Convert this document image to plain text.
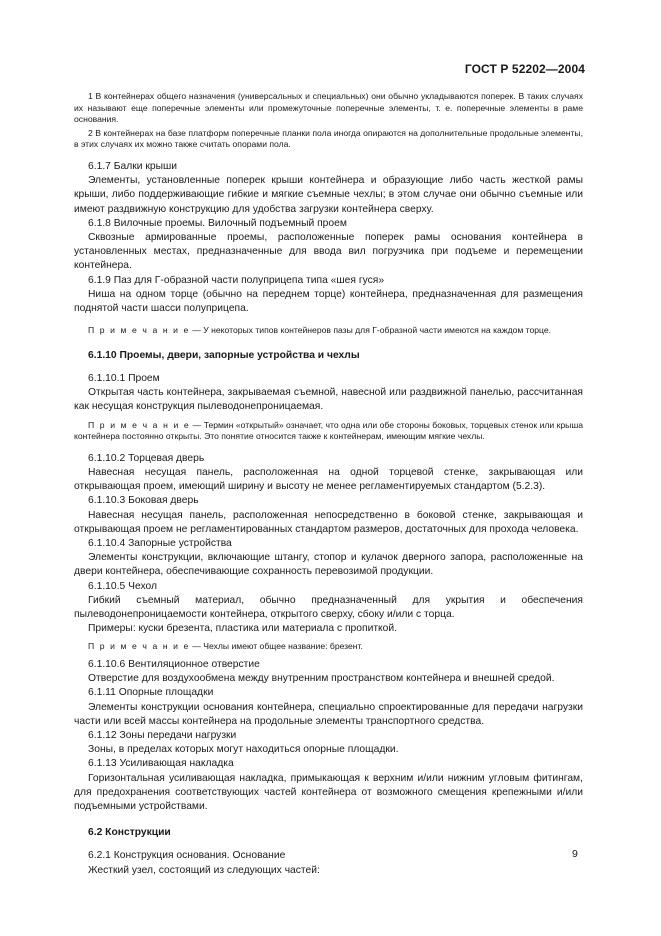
ГОСТ Р 52202—2004

1 В контейнерах общего назначения (универсальных и специальных) они обычно укладываются поперек. В таких случаях их называют еще поперечные элементы или промежуточные поперечные элементы, т. е. поперечные элементы в раме основания.

2 В контейнерах на базе платформ поперечные планки пола иногда опираются на дополнительные продольные элементы, в этих случаях их можно также считать опорами пола.

6.1.7 Балки крыши

Элементы, установленные поперек крыши контейнера и образующие либо часть жесткой рамы крыши, либо поддерживающие гибкие и мягкие съемные чехлы; в этом случае они обычно съемные или имеют раздвижную конструкцию для удобства загрузки контейнера сверху.

6.1.8 Вилочные проемы. Вилочный подъемный проем

Сквозные армированные проемы, расположенные поперек рамы основания контейнера в установленных местах, предназначенные для ввода вил погрузчика при подъеме и перемещении контейнера.

6.1.9 Паз для Г-образной части полуприцепа типа «шея гуся»

Ниша на одном торце (обычно на переднем торце) контейнера, предназначенная для размещения поднятой части шасси полуприцепа.

П р и м е ч а н и е — У некоторых типов контейнеров пазы для Г-образной части имеются на каждом торце.

6.1.10 Проемы, двери, запорные устройства и чехлы

6.1.10.1 Проем

Открытая часть контейнера, закрываемая съемной, навесной или раздвижной панелью, рассчитанная как несущая конструкция пылеводонепроницаемая.

П р и м е ч а н и е — Термин «открытый» означает, что одна или обе стороны боковых, торцевых стенок или крыша контейнера постоянно открыты. Это понятие относится также к контейнерам, имеющим мягкие чехлы.

6.1.10.2 Торцевая дверь

Навесная несущая панель, расположенная на одной торцевой стенке, закрывающая или открывающая проем, имеющий ширину и высоту не менее регламентируемых стандартом (5.2.3).

6.1.10.3 Боковая дверь

Навесная несущая панель, расположенная непосредственно в боковой стенке, закрывающая и открывающая проем не регламентированных стандартом размеров, достаточных для прохода человека.

6.1.10.4 Запорные устройства

Элементы конструкции, включающие штангу, стопор и кулачок дверного запора, расположенные на двери контейнера, обеспечивающие сохранность перевозимой продукции.

6.1.10.5 Чехол

Гибкий съемный материал, обычно предназначенный для укрытия и обеспечения пылеводонепроницаемости контейнера, открытого сверху, сбоку и/или с торца.

Примеры: куски брезента, пластика или материала с пропиткой.

П р и м е ч а н и е — Чехлы имеют общее название: брезент.

6.1.10.6 Вентиляционное отверстие

Отверстие для воздухообмена между внутренним пространством контейнера и внешней средой.

6.1.11 Опорные площадки

Элементы конструкции основания контейнера, специально спроектированные для передачи нагрузки части или всей массы контейнера на продольные элементы транспортного средства.

6.1.12 Зоны передачи нагрузки

Зоны, в пределах которых могут находиться опорные площадки.

6.1.13 Усиливающая накладка

Горизонтальная усиливающая накладка, примыкающая к верхним и/или нижним угловым фитингам, для предохранения соответствующих частей контейнера от возможного смещения крепежными и/или подъемными устройствами.

6.2 Конструкции

6.2.1 Конструкция основания. Основание

Жесткий узел, состоящий из следующих частей:

9
